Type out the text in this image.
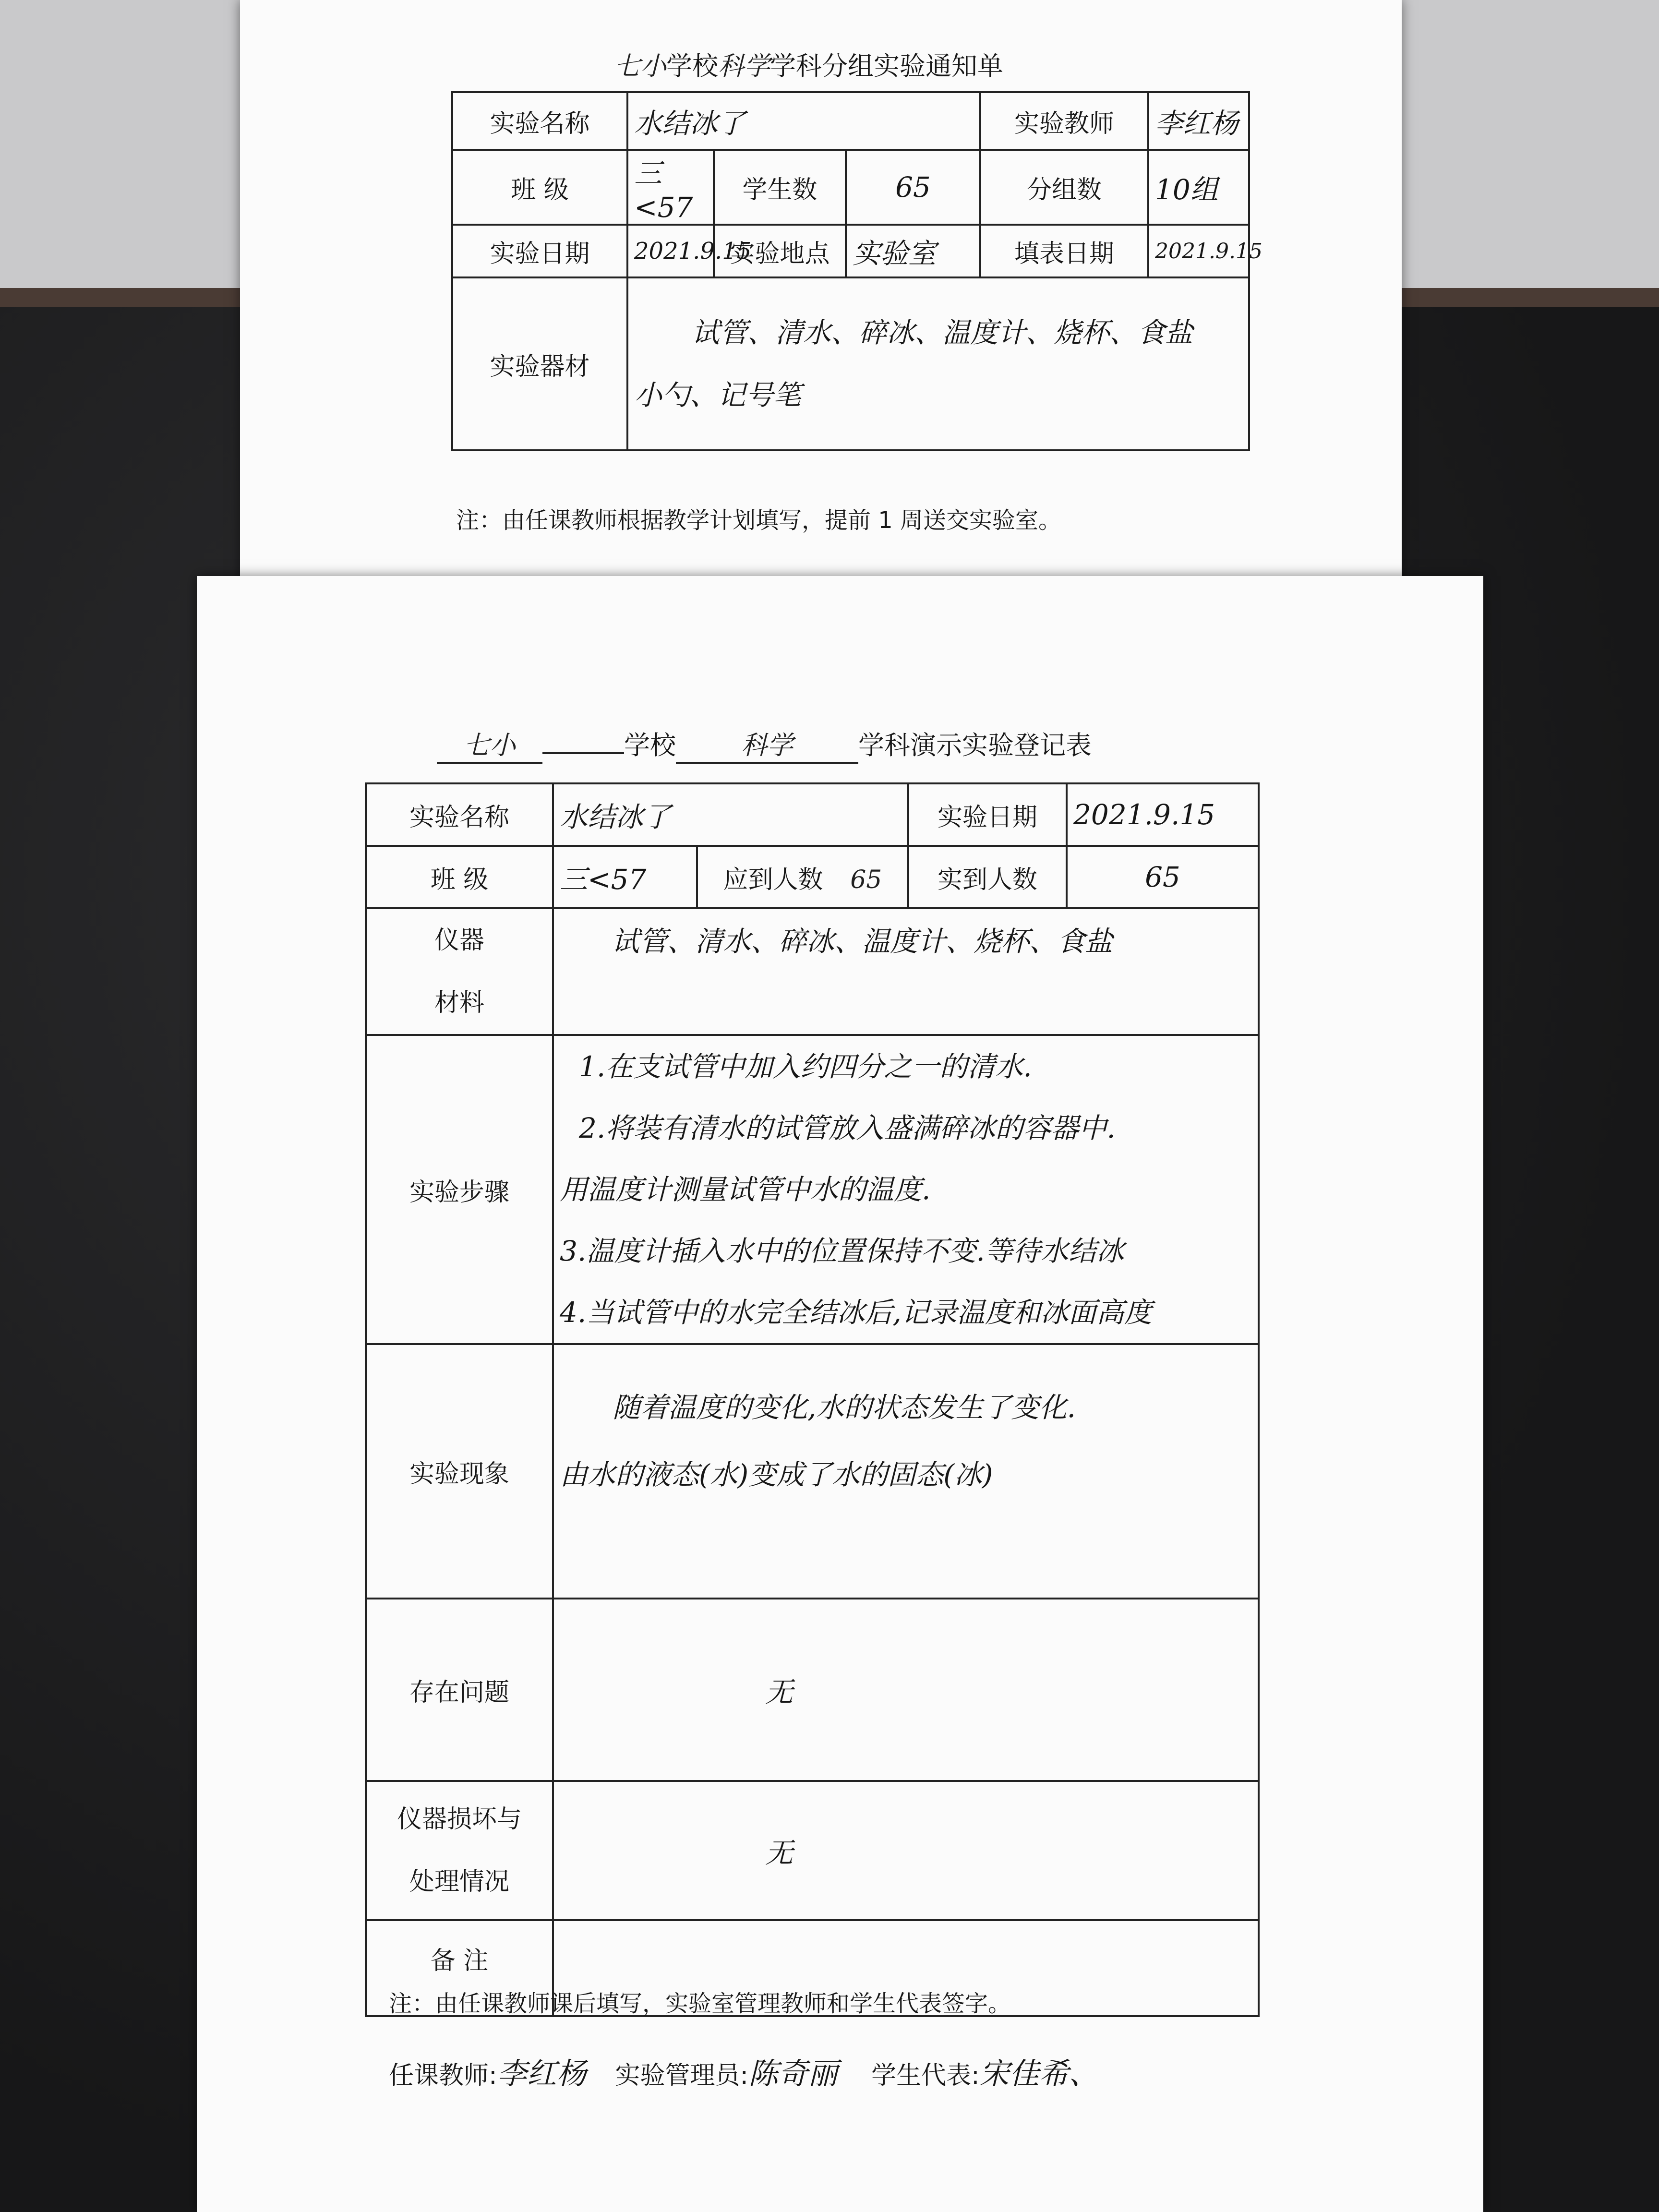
七小学校科学学科分组实验通知单
实验名称	水结冰了			实验教师	李红杨
班 级	三<57	学生数	65	分组数	10组
实验日期	2021.9.15	实验地点	实验室	填表日期	2021.9.15
实验器材	试管、清水、碎冰、温度计、烧杯、食盐
小勺、记号笔				
注：由任课教师根据教学计划填写，提前 1 周送交实验室。
七小	学校	科学	学科演示实验登记表
实验名称	水结冰了		实验日期	2021.9.15
班 级	三<57	应到人数 65	实到人数	65

仪器
材料	试管、清水、碎冰、温度计、烧杯、食盐			
实验步骤	1.在支试管中加入约四分之一的清水.
2.将装有清水的试管放入盛满碎冰的容器中.
用温度计测量试管中水的温度.
3.温度计插入水中的位置保持不变.等待水结冰
4.当试管中的水完全结冰后,记录温度和冰面高度			

实验现象	随着温度的变化,水的状态发生了变化.
由水的液态(水)变成了水的固态(冰)			

存在问题	无			

仪器损坏与
处理情况	无			
备 注				
注：由任课教师课后填写，实验室管理教师和学生代表签字。
任课教师:李红杨 实验管理员:陈奇丽 学生代表:宋佳希、
